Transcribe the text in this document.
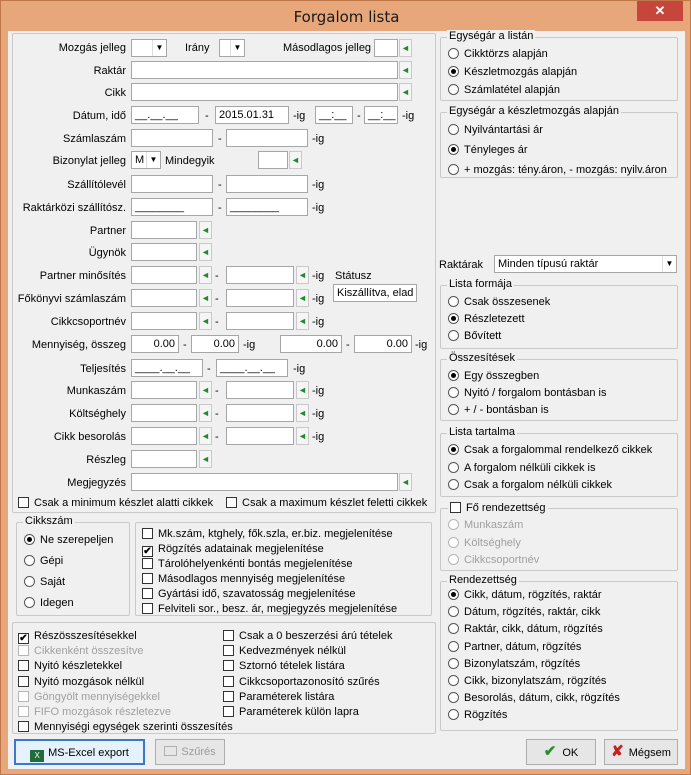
Forgalom lista	✕
Mozgás jelleg	▼ Irány	▼	Másodlagos jelleg	◄
Raktár	◄
Cikk	◄
Dátum, idő __.__.__	- 2015.01.31	-ig	__:__ - __:__ -ig
Számlaszám	-	-ig
Bizonylat jelleg M ▼ Mindegyik	◄
Szállítólevél	-	-ig
Raktárközi szállítósz. ________	- ________	-ig
Partner	◄
Ügynök	◄
Partner minősítés	◄ -	◄ -ig Státusz
Kiszállítva, elad
Főkönyvi számlaszám	◄ -	◄ -ig
Cikkcsoportnév	◄ -	◄ -ig
Mennyiség, összeg	0.00 -	0.00 -ig	0.00 -	0.00 -ig
Teljesítés ____.__.__	- ____.__.__	-ig
Munkaszám	◄ -	◄ -ig
Költséghely	◄ -	◄ -ig
Cikk besorolás	◄ -	◄ -ig
Részleg	◄
Megjegyzés	◄
Csak a minimum készlet alatti cikkek	Csak a maximum készlet feletti cikkek
Cikkszám
Ne szerepeljen
Gépi
Saját
Idegen
Mk.szám, ktghely, fők.szla, er.biz. megjelenítése
✔ Rögzítés adatainak megjelenítése
Tárolóhelyenkénti bontás megjelenítése
Másodlagos mennyiség megjelenítése
Gyártási idő, szavatosság megjelenítése
Felviteli sor., besz. ár, megjegyzés megjelenítése
✔ Részösszesítésekkel
Cikkenként összesítve
Nyitó készletekkel
Nyitó mozgások nélkül
Göngyölt mennyiségekkel
FIFO mozgások részletezve
Mennyiségi egységek szerinti összesítés
Csak a 0 beszerzési árú tételek
Kedvezmények nélkül
Sztornó tételek listára
Cikkcsoportazonosító szűrés
Paraméterek listára
Paraméterek külön lapra
Egységár a listán
Cikktörzs alapján
Készletmozgás alapján
Számlatétel alapján
Egységár a készletmozgás alapján
Nyilvántartási ár
Tényleges ár
+ mozgás: tény.áron, - mozgás: nyilv.áron
Raktárak	Minden típusú raktár	▼
Lista formája
Csak összesenek
Részletezett
Bővített
Összesítések
Egy összegben
Nyitó / forgalom bontásban is
+ / - bontásban is
Lista tartalma
Csak a forgalommal rendelkező cikkek
A forgalom nélküli cikkek is
Csak a forgalom nélküli cikkek
Fő rendezettség
Munkaszám
Költséghely
Cikkcsoportnév
Rendezettség
Cikk, dátum, rögzítés, raktár
Dátum, rögzítés, raktár, cikk
Raktár, cikk, dátum, rögzítés
Partner, dátum, rögzítés
Bizonylatszám, rögzítés
Cikk, bizonylatszám, rögzítés
Besorolás, dátum, cikk, rögzítés
Rögzítés
X MS-Excel export	Szűrés	✔ OK	✘ Mégsem
